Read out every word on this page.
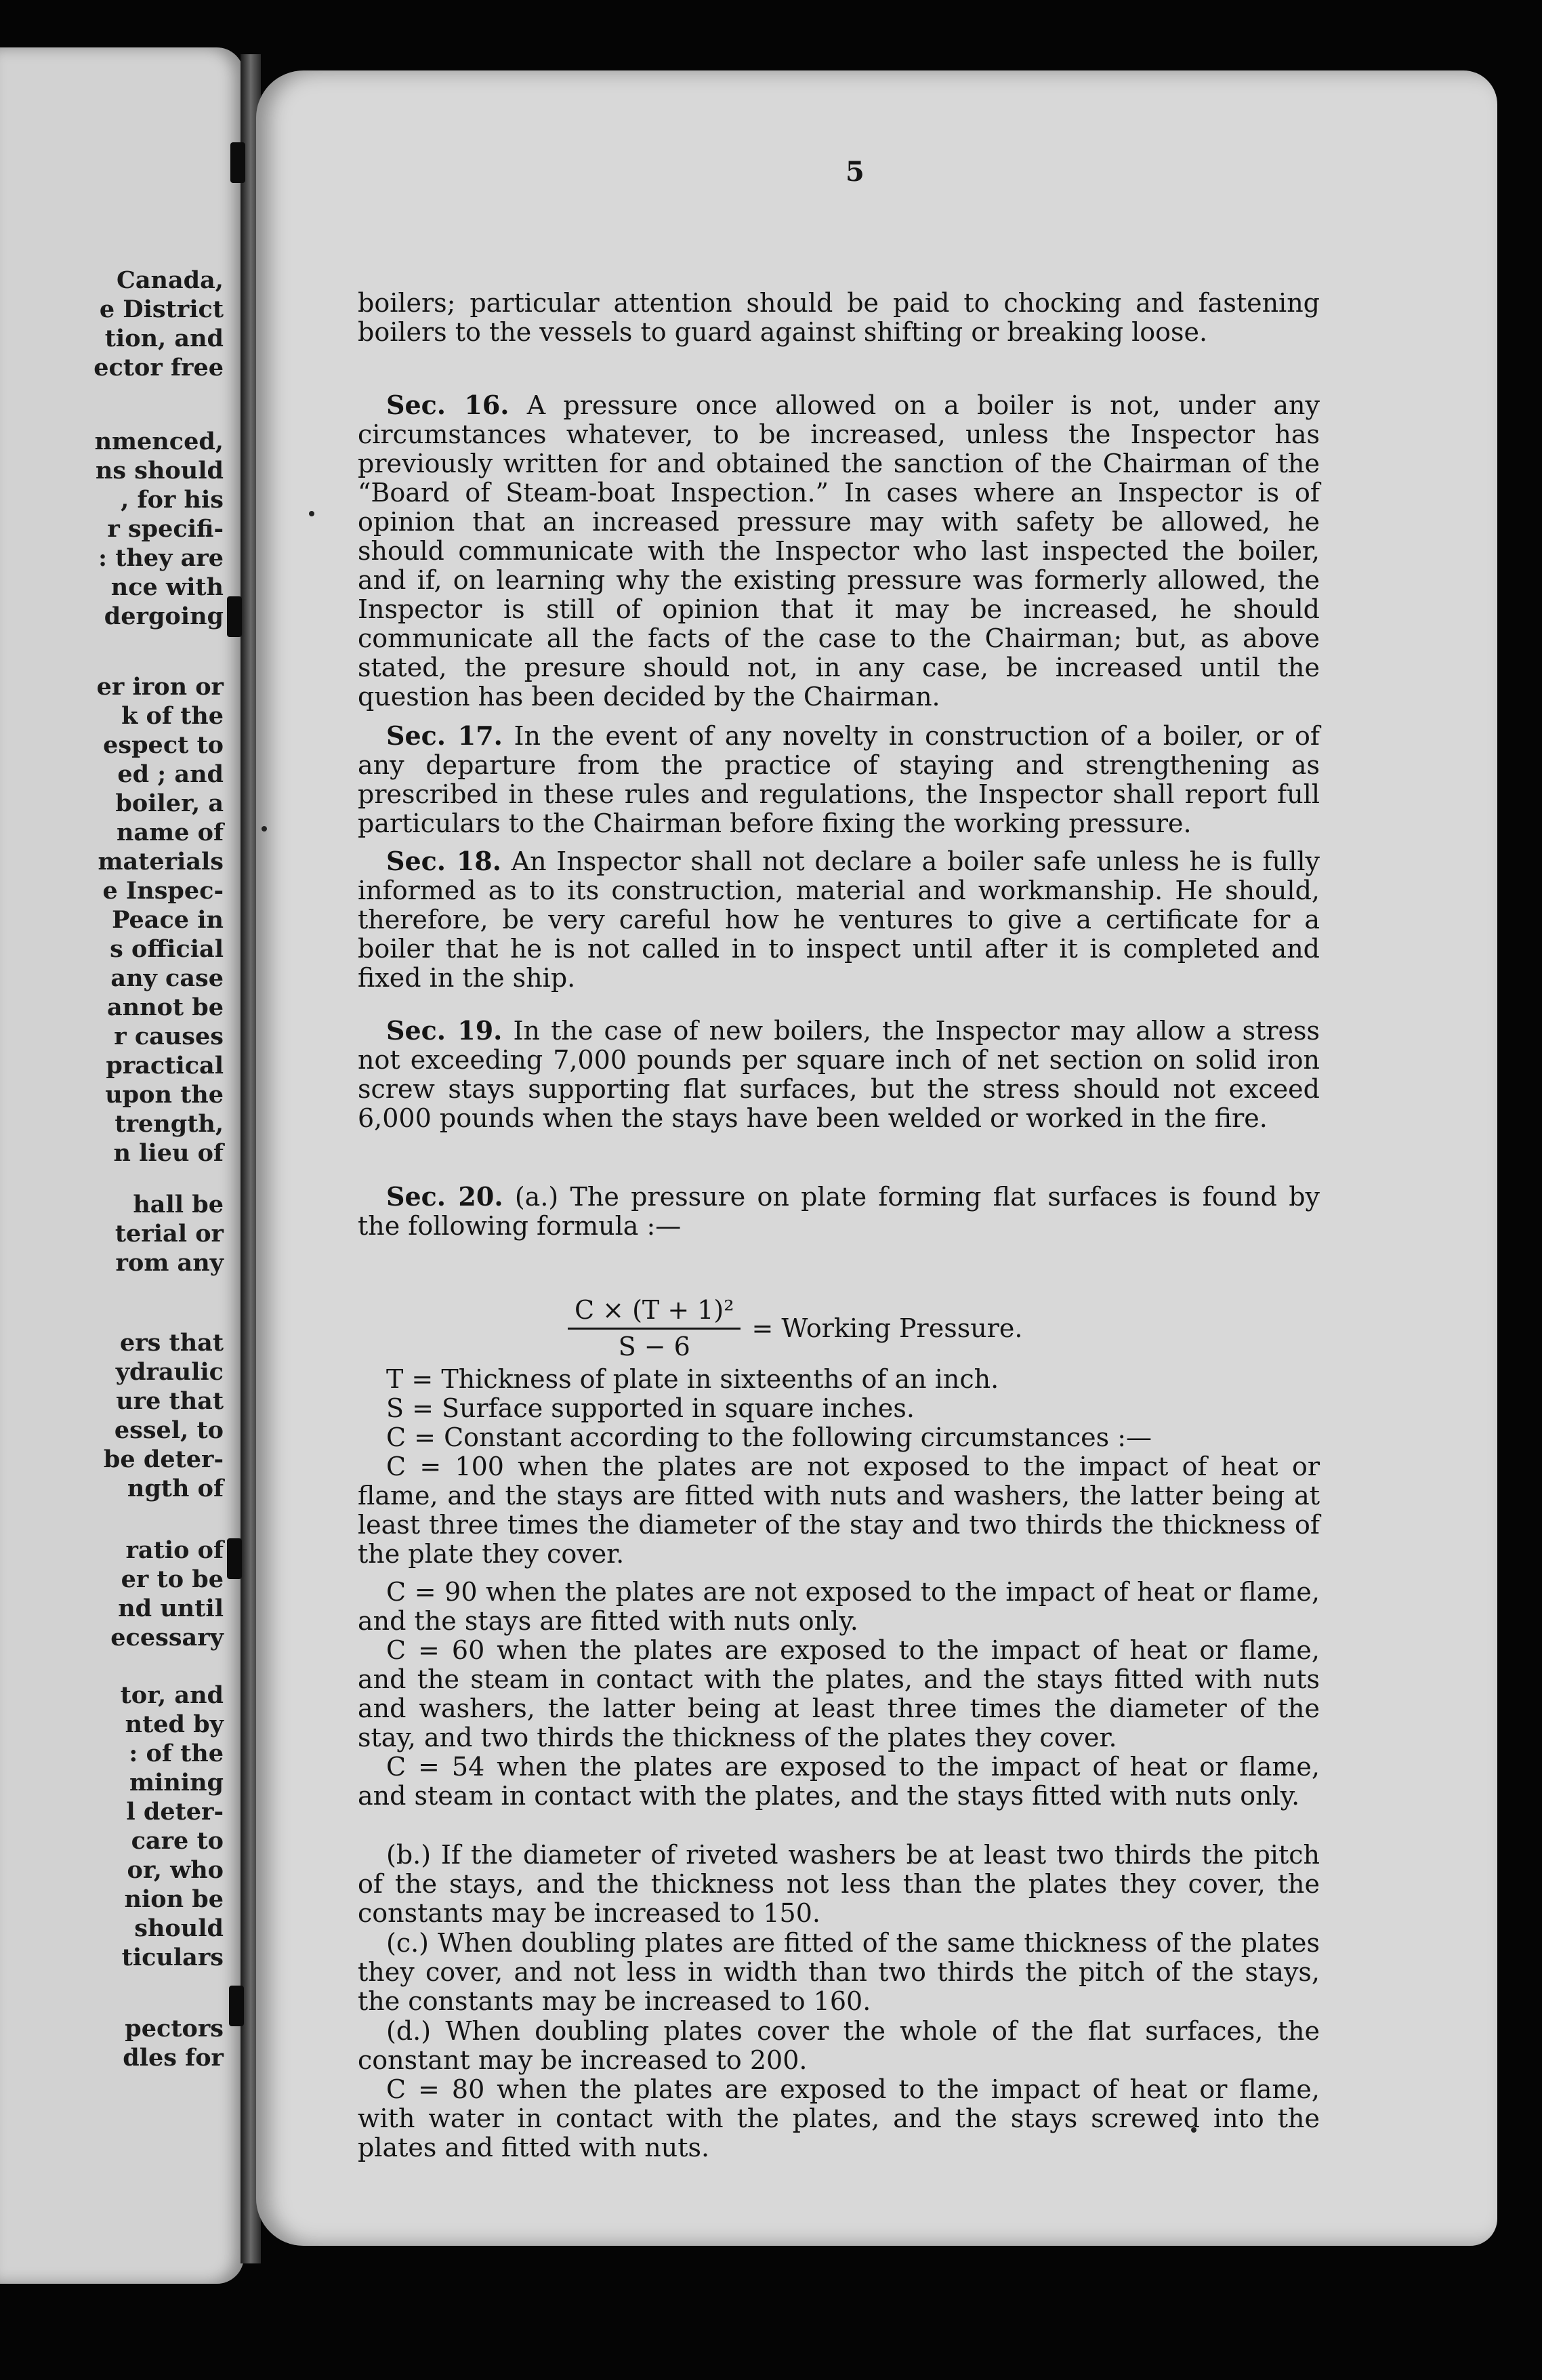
Canada,
e District
tion, and
ector free
nmenced,
ns should
, for his
r specifi-
: they are
nce with
dergoing
er iron or
k of the
espect to
ed ; and
boiler, a
name of
materials
e Inspec-
Peace in
s official
any case
annot be
r causes
practical
upon the
trength,
n lieu of
hall be
terial or
rom any
ers that
ydraulic
ure that
essel, to
be deter-
ngth of
ratio of
er to be
nd until
ecessary
tor, and
nted by
: of the
mining
l deter-
care to
or, who
nion be
should
ticulars
pectors
dles for
5

boilers; particular attention should be paid to chocking and fastening boilers to the vessels to guard against shifting or breaking loose.

Sec. 16. A pressure once allowed on a boiler is not, under any circumstances whatever, to be increased, unless the Inspector has previously written for and obtained the sanction of the Chairman of the “Board of Steam-boat Inspection.” In cases where an Inspector is of opinion that an increased pressure may with safety be allowed, he should communicate with the Inspector who last inspected the boiler, and if, on learning why the existing pressure was formerly allowed, the Inspector is still of opinion that it may be increased, he should communicate all the facts of the case to the Chairman; but, as above stated, the presure should not, in any case, be increased until the question has been decided by the Chairman.

Sec. 17. In the event of any novelty in construction of a boiler, or of any departure from the practice of staying and strengthening as prescribed in these rules and regulations, the Inspector shall report full particulars to the Chairman before fixing the working pressure.

Sec. 18. An Inspector shall not declare a boiler safe unless he is fully informed as to its construction, material and workmanship. He should, therefore, be very careful how he ventures to give a certificate for a boiler that he is not called in to inspect until after it is completed and fixed in the ship.

Sec. 19. In the case of new boilers, the Inspector may allow a stress not exceeding 7,000 pounds per square inch of net section on solid iron screw stays supporting flat surfaces, but the stress should not exceed 6,000 pounds when the stays have been welded or worked in the fire.

Sec. 20. (a.) The pressure on plate forming flat surfaces is found by the following formula :—

$\frac{\text{C × (T + 1)²}}{S - 6}$ = Working Pressure.
T = Thickness of plate in sixteenths of an inch.
S = Surface supported in square inches.
C = Constant according to the following circumstances :—

C = 100 when the plates are not exposed to the impact of heat or flame, and the stays are fitted with nuts and washers, the latter being at least three times the diameter of the stay and two thirds the thickness of the plate they cover.

C = 90 when the plates are not exposed to the impact of heat or flame, and the stays are fitted with nuts only.

C = 60 when the plates are exposed to the impact of heat or flame, and the steam in contact with the plates, and the stays fitted with nuts and washers, the latter being at least three times the diameter of the stay, and two thirds the thickness of the plates they cover.

C = 54 when the plates are exposed to the impact of heat or flame, and steam in contact with the plates, and the stays fitted with nuts only.

(b.) If the diameter of riveted washers be at least two thirds the pitch of the stays, and the thickness not less than the plates they cover, the constants may be increased to 150.

(c.) When doubling plates are fitted of the same thickness of the plates they cover, and not less in width than two thirds the pitch of the stays, the constants may be increased to 160.

(d.) When doubling plates cover the whole of the flat surfaces, the constant may be increased to 200.

C = 80 when the plates are exposed to the impact of heat or flame, with water in contact with the plates, and the stays screwed into the plates and fitted with nuts.
